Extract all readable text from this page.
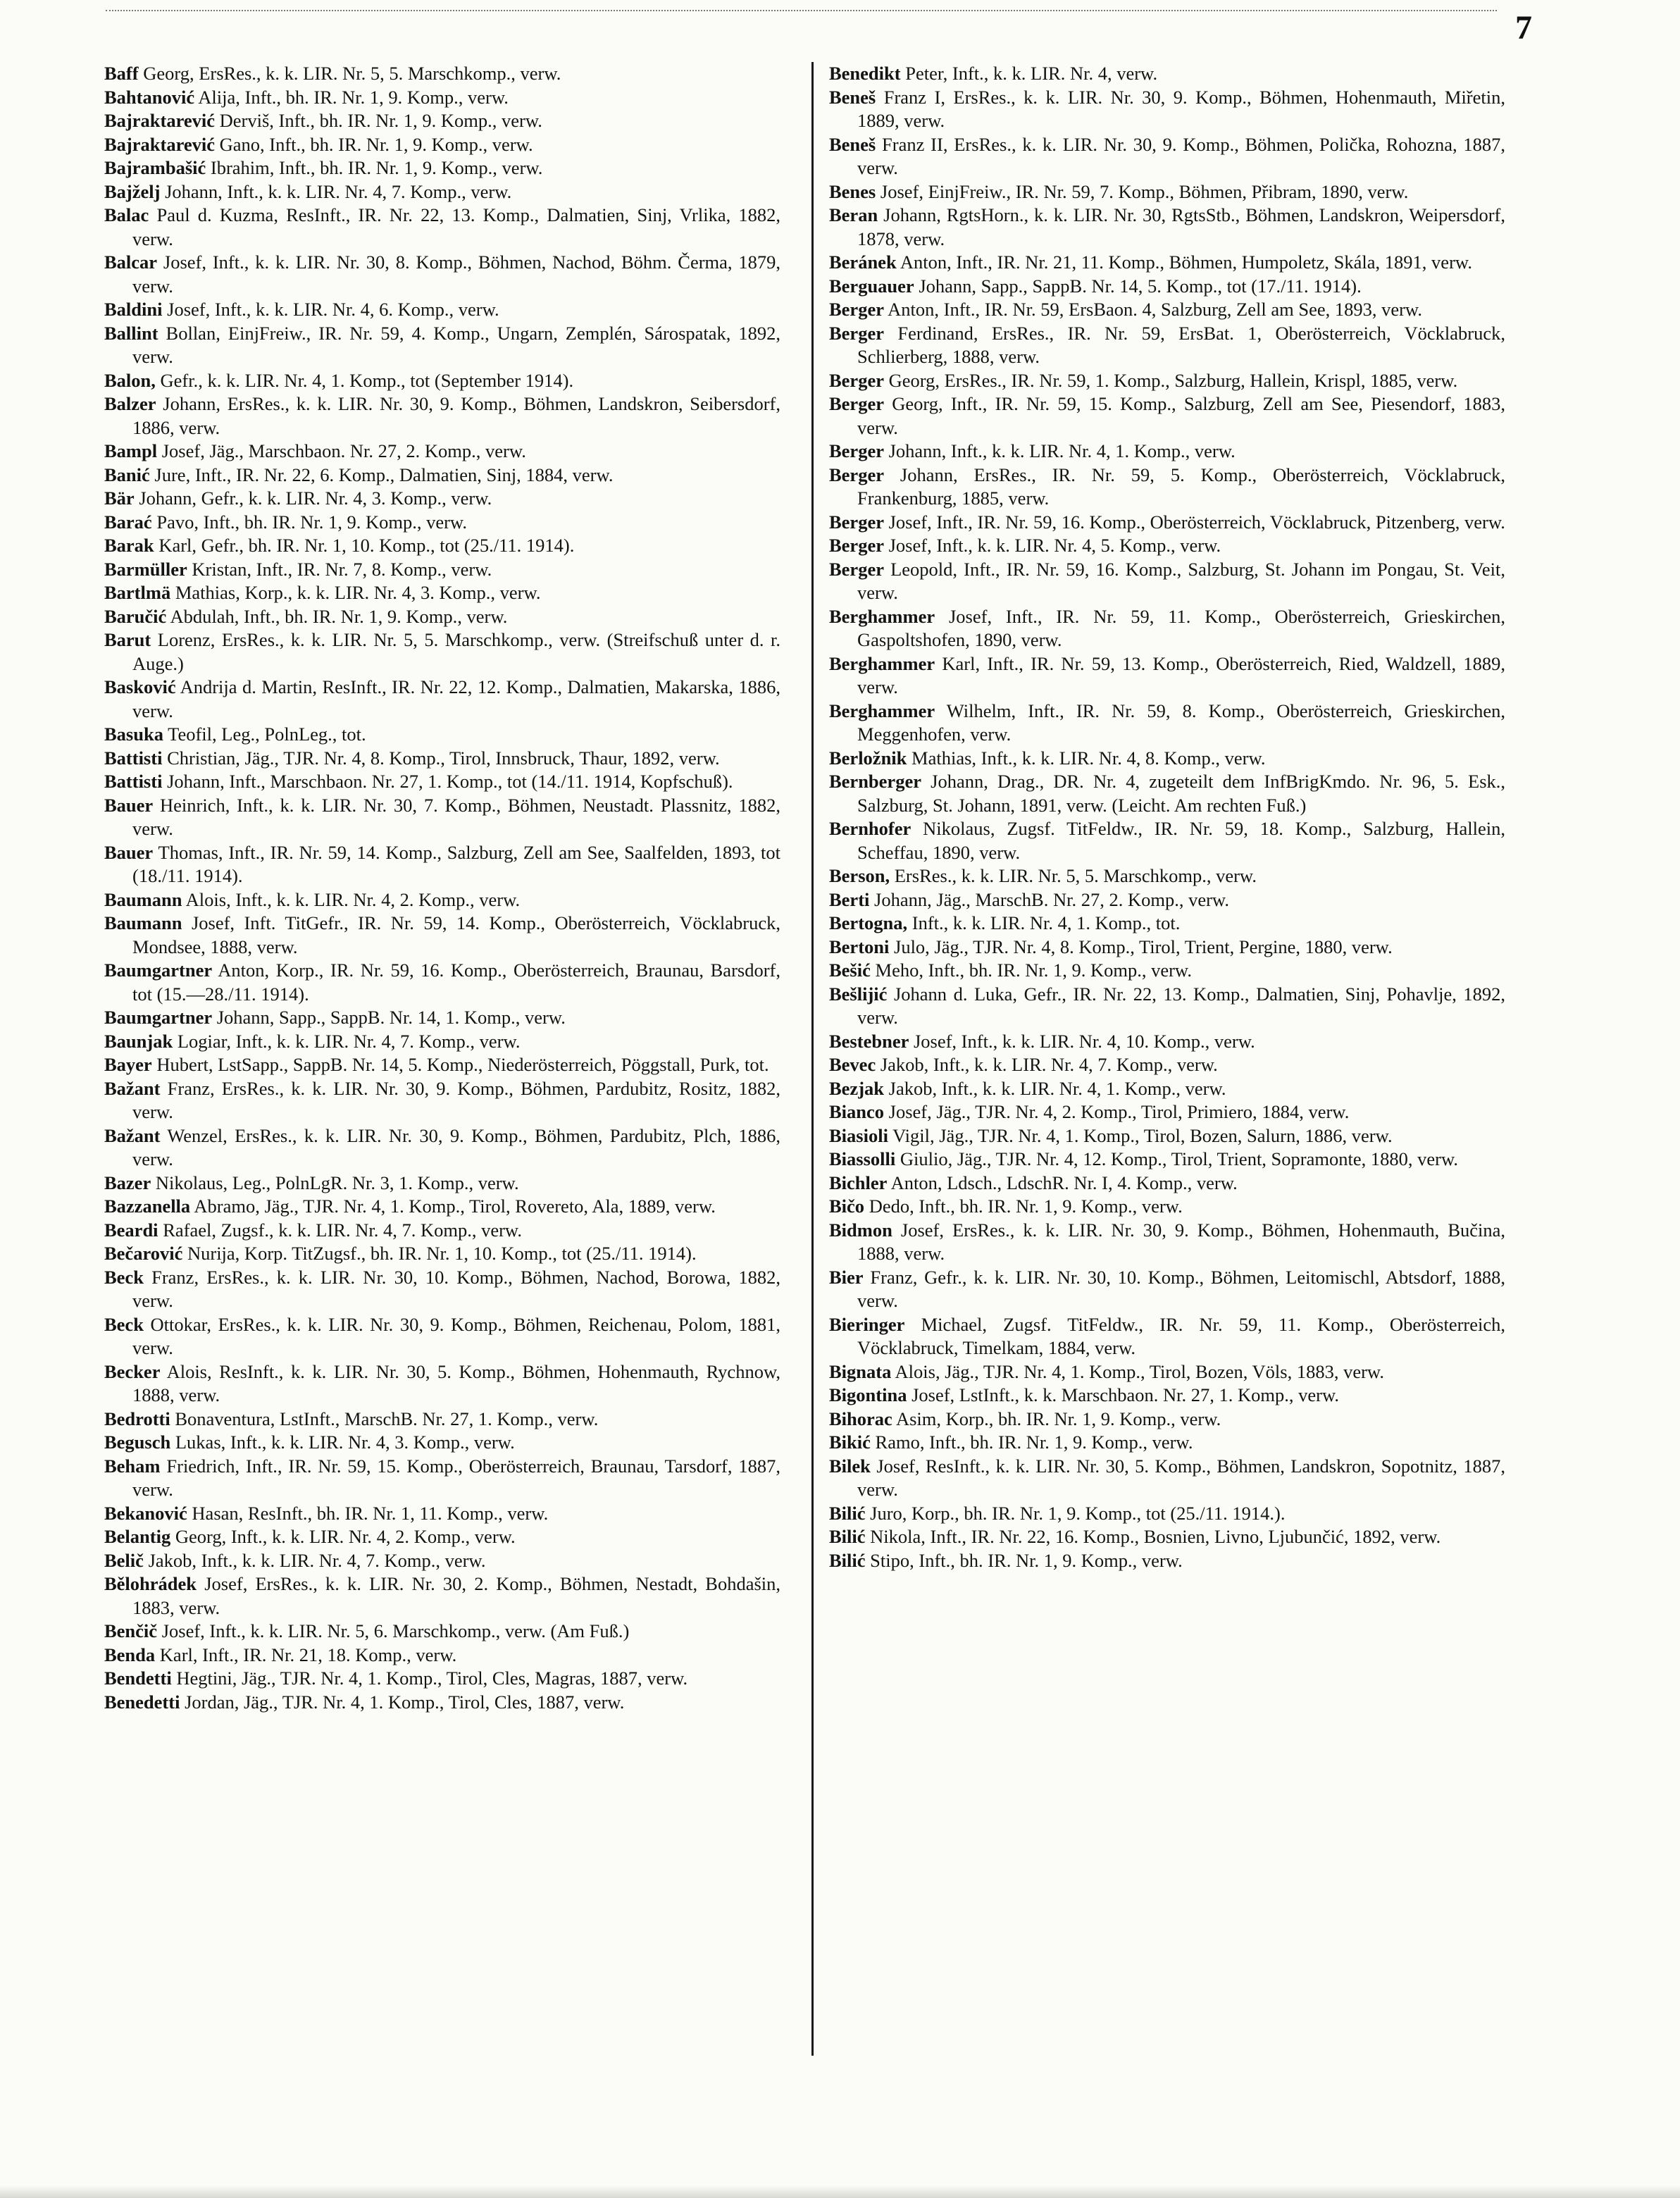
7

Baff Georg, ErsRes., k. k. LIR. Nr. 5, 5. Marschkomp., verw.

Bahtanović Alija, Inft., bh. IR. Nr. 1, 9. Komp., verw.

Bajraktarević Derviš, Inft., bh. IR. Nr. 1, 9. Komp., verw.

Bajraktarević Gano, Inft., bh. IR. Nr. 1, 9. Komp., verw.

Bajrambašić Ibrahim, Inft., bh. IR. Nr. 1, 9. Komp., verw.

Bajželj Johann, Inft., k. k. LIR. Nr. 4, 7. Komp., verw.

Balac Paul d. Kuzma, ResInft., IR. Nr. 22, 13. Komp., Dalmatien, Sinj, Vrlika, 1882, verw.

Balcar Josef, Inft., k. k. LIR. Nr. 30, 8. Komp., Böhmen, Nachod, Böhm. Čerma, 1879, verw.

Baldini Josef, Inft., k. k. LIR. Nr. 4, 6. Komp., verw.

Ballint Bollan, EinjFreiw., IR. Nr. 59, 4. Komp., Ungarn, Zemplén, Sárospatak, 1892, verw.

Balon, Gefr., k. k. LIR. Nr. 4, 1. Komp., tot (September 1914).

Balzer Johann, ErsRes., k. k. LIR. Nr. 30, 9. Komp., Böhmen, Landskron, Seibersdorf, 1886, verw.

Bampl Josef, Jäg., Marschbaon. Nr. 27, 2. Komp., verw.

Banić Jure, Inft., IR. Nr. 22, 6. Komp., Dalmatien, Sinj, 1884, verw.

Bär Johann, Gefr., k. k. LIR. Nr. 4, 3. Komp., verw.

Barać Pavo, Inft., bh. IR. Nr. 1, 9. Komp., verw.

Barak Karl, Gefr., bh. IR. Nr. 1, 10. Komp., tot (25./11. 1914).

Barmüller Kristan, Inft., IR. Nr. 7, 8. Komp., verw.

Bartlmä Mathias, Korp., k. k. LIR. Nr. 4, 3. Komp., verw.

Baručić Abdulah, Inft., bh. IR. Nr. 1, 9. Komp., verw.

Barut Lorenz, ErsRes., k. k. LIR. Nr. 5, 5. Marschkomp., verw. (Streifschuß unter d. r. Auge.)

Basković Andrija d. Martin, ResInft., IR. Nr. 22, 12. Komp., Dalmatien, Makarska, 1886, verw.

Basuka Teofil, Leg., PolnLeg., tot.

Battisti Christian, Jäg., TJR. Nr. 4, 8. Komp., Tirol, Innsbruck, Thaur, 1892, verw.

Battisti Johann, Inft., Marschbaon. Nr. 27, 1. Komp., tot (14./11. 1914, Kopfschuß).

Bauer Heinrich, Inft., k. k. LIR. Nr. 30, 7. Komp., Böhmen, Neustadt. Plassnitz, 1882, verw.

Bauer Thomas, Inft., IR. Nr. 59, 14. Komp., Salzburg, Zell am See, Saalfelden, 1893, tot (18./11. 1914).

Baumann Alois, Inft., k. k. LIR. Nr. 4, 2. Komp., verw.

Baumann Josef, Inft. TitGefr., IR. Nr. 59, 14. Komp., Oberösterreich, Vöcklabruck, Mondsee, 1888, verw.

Baumgartner Anton, Korp., IR. Nr. 59, 16. Komp., Oberösterreich, Braunau, Barsdorf, tot (15.—28./11. 1914).

Baumgartner Johann, Sapp., SappB. Nr. 14, 1. Komp., verw.

Baunjak Logiar, Inft., k. k. LIR. Nr. 4, 7. Komp., verw.

Bayer Hubert, LstSapp., SappB. Nr. 14, 5. Komp., Niederösterreich, Pöggstall, Purk, tot.

Bažant Franz, ErsRes., k. k. LIR. Nr. 30, 9. Komp., Böhmen, Pardubitz, Rositz, 1882, verw.

Bažant Wenzel, ErsRes., k. k. LIR. Nr. 30, 9. Komp., Böhmen, Pardubitz, Plch, 1886, verw.

Bazer Nikolaus, Leg., PolnLgR. Nr. 3, 1. Komp., verw.

Bazzanella Abramo, Jäg., TJR. Nr. 4, 1. Komp., Tirol, Rovereto, Ala, 1889, verw.

Beardi Rafael, Zugsf., k. k. LIR. Nr. 4, 7. Komp., verw.

Bečarović Nurija, Korp. TitZugsf., bh. IR. Nr. 1, 10. Komp., tot (25./11. 1914).

Beck Franz, ErsRes., k. k. LIR. Nr. 30, 10. Komp., Böhmen, Nachod, Borowa, 1882, verw.

Beck Ottokar, ErsRes., k. k. LIR. Nr. 30, 9. Komp., Böhmen, Reichenau, Polom, 1881, verw.

Becker Alois, ResInft., k. k. LIR. Nr. 30, 5. Komp., Böhmen, Hohenmauth, Rychnow, 1888, verw.

Bedrotti Bonaventura, LstInft., MarschB. Nr. 27, 1. Komp., verw.

Begusch Lukas, Inft., k. k. LIR. Nr. 4, 3. Komp., verw.

Beham Friedrich, Inft., IR. Nr. 59, 15. Komp., Oberösterreich, Braunau, Tarsdorf, 1887, verw.

Bekanović Hasan, ResInft., bh. IR. Nr. 1, 11. Komp., verw.

Belantig Georg, Inft., k. k. LIR. Nr. 4, 2. Komp., verw.

Belič Jakob, Inft., k. k. LIR. Nr. 4, 7. Komp., verw.

Bělohrádek Josef, ErsRes., k. k. LIR. Nr. 30, 2. Komp., Böhmen, Nestadt, Bohdašin, 1883, verw.

Benčič Josef, Inft., k. k. LIR. Nr. 5, 6. Marschkomp., verw. (Am Fuß.)

Benda Karl, Inft., IR. Nr. 21, 18. Komp., verw.

Bendetti Hegtini, Jäg., TJR. Nr. 4, 1. Komp., Tirol, Cles, Magras, 1887, verw.

Benedetti Jordan, Jäg., TJR. Nr. 4, 1. Komp., Tirol, Cles, 1887, verw.

Benedikt Peter, Inft., k. k. LIR. Nr. 4, verw.

Beneš Franz I, ErsRes., k. k. LIR. Nr. 30, 9. Komp., Böhmen, Hohenmauth, Miřetin, 1889, verw.

Beneš Franz II, ErsRes., k. k. LIR. Nr. 30, 9. Komp., Böhmen, Polička, Rohozna, 1887, verw.

Benes Josef, EinjFreiw., IR. Nr. 59, 7. Komp., Böhmen, Přibram, 1890, verw.

Beran Johann, RgtsHorn., k. k. LIR. Nr. 30, RgtsStb., Böhmen, Landskron, Weipersdorf, 1878, verw.

Beránek Anton, Inft., IR. Nr. 21, 11. Komp., Böhmen, Humpoletz, Skála, 1891, verw.

Berguauer Johann, Sapp., SappB. Nr. 14, 5. Komp., tot (17./11. 1914).

Berger Anton, Inft., IR. Nr. 59, ErsBaon. 4, Salzburg, Zell am See, 1893, verw.

Berger Ferdinand, ErsRes., IR. Nr. 59, ErsBat. 1, Oberösterreich, Vöcklabruck, Schlierberg, 1888, verw.

Berger Georg, ErsRes., IR. Nr. 59, 1. Komp., Salzburg, Hallein, Krispl, 1885, verw.

Berger Georg, Inft., IR. Nr. 59, 15. Komp., Salzburg, Zell am See, Piesendorf, 1883, verw.

Berger Johann, Inft., k. k. LIR. Nr. 4, 1. Komp., verw.

Berger Johann, ErsRes., IR. Nr. 59, 5. Komp., Oberösterreich, Vöcklabruck, Frankenburg, 1885, verw.

Berger Josef, Inft., IR. Nr. 59, 16. Komp., Oberösterreich, Vöcklabruck, Pitzenberg, verw.

Berger Josef, Inft., k. k. LIR. Nr. 4, 5. Komp., verw.

Berger Leopold, Inft., IR. Nr. 59, 16. Komp., Salzburg, St. Johann im Pongau, St. Veit, verw.

Berghammer Josef, Inft., IR. Nr. 59, 11. Komp., Oberösterreich, Grieskirchen, Gaspoltshofen, 1890, verw.

Berghammer Karl, Inft., IR. Nr. 59, 13. Komp., Oberösterreich, Ried, Waldzell, 1889, verw.

Berghammer Wilhelm, Inft., IR. Nr. 59, 8. Komp., Oberösterreich, Grieskirchen, Meggenhofen, verw.

Berložnik Mathias, Inft., k. k. LIR. Nr. 4, 8. Komp., verw.

Bernberger Johann, Drag., DR. Nr. 4, zugeteilt dem InfBrigKmdo. Nr. 96, 5. Esk., Salzburg, St. Johann, 1891, verw. (Leicht. Am rechten Fuß.)

Bernhofer Nikolaus, Zugsf. TitFeldw., IR. Nr. 59, 18. Komp., Salzburg, Hallein, Scheffau, 1890, verw.

Berson, ErsRes., k. k. LIR. Nr. 5, 5. Marschkomp., verw.

Berti Johann, Jäg., MarschB. Nr. 27, 2. Komp., verw.

Bertogna, Inft., k. k. LIR. Nr. 4, 1. Komp., tot.

Bertoni Julo, Jäg., TJR. Nr. 4, 8. Komp., Tirol, Trient, Pergine, 1880, verw.

Bešić Meho, Inft., bh. IR. Nr. 1, 9. Komp., verw.

Bešlijić Johann d. Luka, Gefr., IR. Nr. 22, 13. Komp., Dalmatien, Sinj, Pohavlje, 1892, verw.

Bestebner Josef, Inft., k. k. LIR. Nr. 4, 10. Komp., verw.

Bevec Jakob, Inft., k. k. LIR. Nr. 4, 7. Komp., verw.

Bezjak Jakob, Inft., k. k. LIR. Nr. 4, 1. Komp., verw.

Bianco Josef, Jäg., TJR. Nr. 4, 2. Komp., Tirol, Primiero, 1884, verw.

Biasioli Vigil, Jäg., TJR. Nr. 4, 1. Komp., Tirol, Bozen, Salurn, 1886, verw.

Biassolli Giulio, Jäg., TJR. Nr. 4, 12. Komp., Tirol, Trient, Sopramonte, 1880, verw.

Bichler Anton, Ldsch., LdschR. Nr. I, 4. Komp., verw.

Bičo Dedo, Inft., bh. IR. Nr. 1, 9. Komp., verw.

Bidmon Josef, ErsRes., k. k. LIR. Nr. 30, 9. Komp., Böhmen, Hohenmauth, Bučina, 1888, verw.

Bier Franz, Gefr., k. k. LIR. Nr. 30, 10. Komp., Böhmen, Leitomischl, Abtsdorf, 1888, verw.

Bieringer Michael, Zugsf. TitFeldw., IR. Nr. 59, 11. Komp., Oberösterreich, Vöcklabruck, Timelkam, 1884, verw.

Bignata Alois, Jäg., TJR. Nr. 4, 1. Komp., Tirol, Bozen, Völs, 1883, verw.

Bigontina Josef, LstInft., k. k. Marschbaon. Nr. 27, 1. Komp., verw.

Bihorac Asim, Korp., bh. IR. Nr. 1, 9. Komp., verw.

Bikić Ramo, Inft., bh. IR. Nr. 1, 9. Komp., verw.

Bilek Josef, ResInft., k. k. LIR. Nr. 30, 5. Komp., Böhmen, Landskron, Sopotnitz, 1887, verw.

Bilić Juro, Korp., bh. IR. Nr. 1, 9. Komp., tot (25./11. 1914.).

Bilić Nikola, Inft., IR. Nr. 22, 16. Komp., Bosnien, Livno, Ljubunčić, 1892, verw.

Bilić Stipo, Inft., bh. IR. Nr. 1, 9. Komp., verw.
